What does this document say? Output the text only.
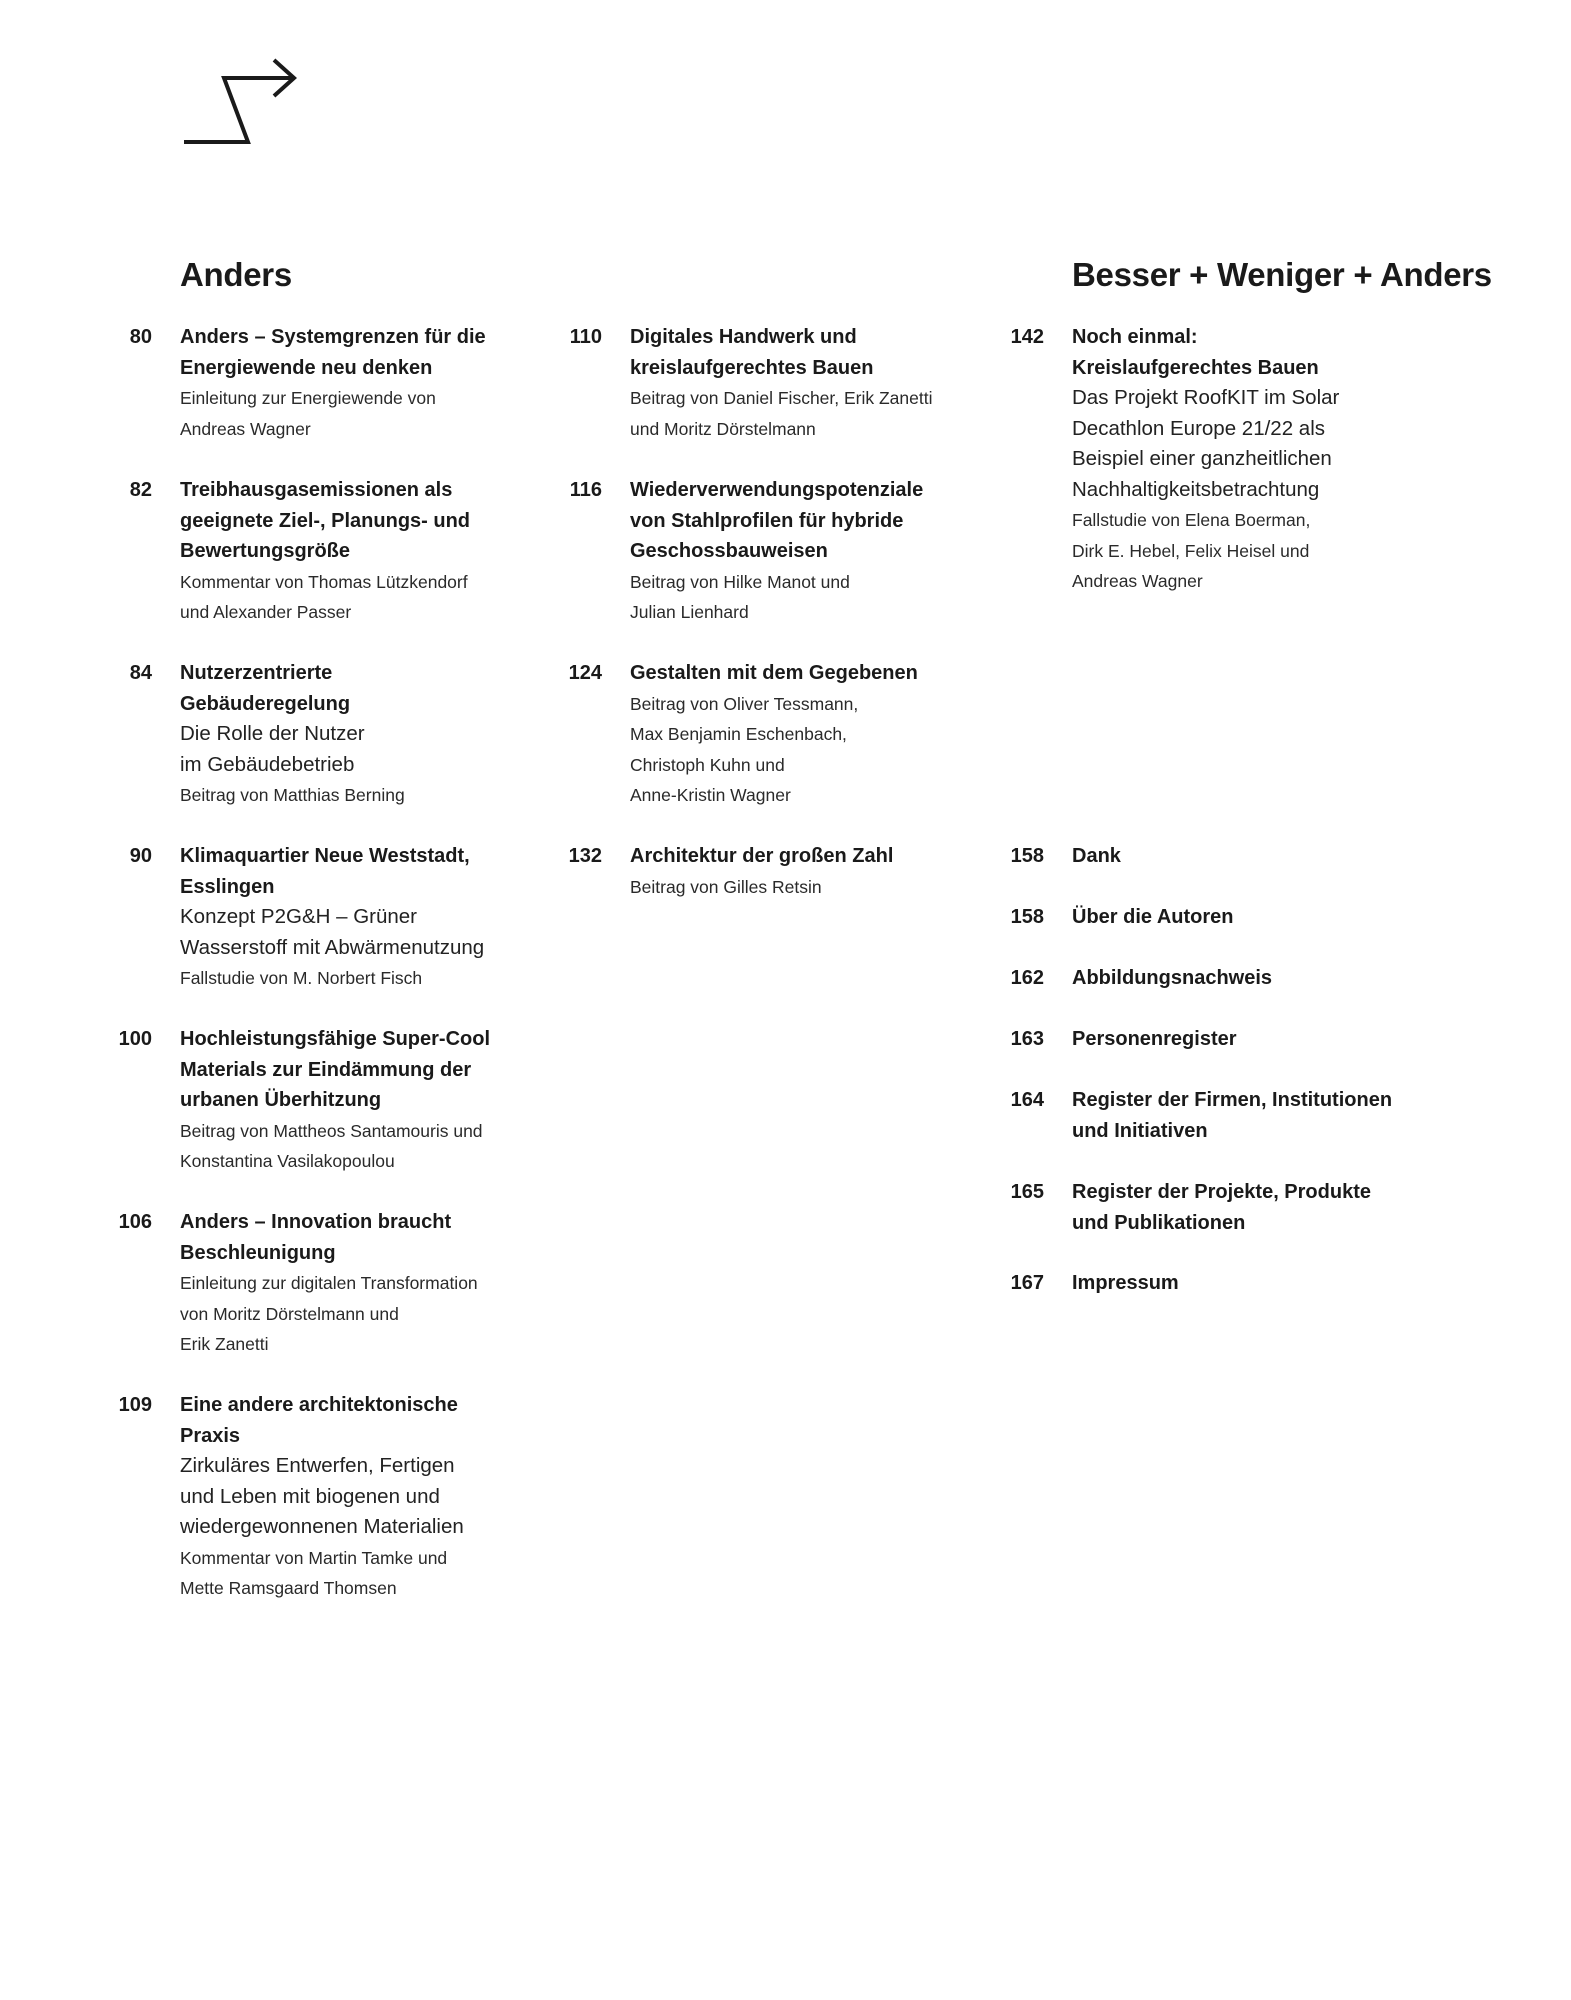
Anders	Besser + Weniger + Anders
80 Anders – Systemgrenzen für die
Energiewende neu denken
Einleitung zur Energiewende von
Andreas Wagner
82 Treibhausgasemissionen als
geeignete Ziel-, Planungs- und
Bewertungsgröße
Kommentar von Thomas Lützkendorf
und Alexander Passer
84 Nutzerzentrierte
Gebäuderegelung
Die Rolle der Nutzer
im Gebäudebetrieb
Beitrag von Matthias Berning
90 Klimaquartier Neue Weststadt,
Esslingen
Konzept P2G&H – Grüner
Wasserstoff mit Abwärmenutzung
Fallstudie von M. Norbert Fisch
100 Hochleistungsfähige Super-Cool
Materials zur Eindämmung der
urbanen Überhitzung
Beitrag von Mattheos Santamouris und
Konstantina Vasilakopoulou
106 Anders – Innovation braucht
Beschleunigung
Einleitung zur digitalen Transformation
von Moritz Dörstelmann und
Erik Zanetti
109 Eine andere architektonische
Praxis
Zirkuläres Entwerfen, Fertigen
und Leben mit biogenen und
wiedergewonnenen Materialien
Kommentar von Martin Tamke und
Mette Ramsgaard Thomsen
110 Digitales Handwerk und
kreislaufgerechtes Bauen
Beitrag von Daniel Fischer, Erik Zanetti
und Moritz Dörstelmann
116 Wiederverwendungspotenziale
von Stahlprofilen für hybride
Geschossbauweisen
Beitrag von Hilke Manot und
Julian Lienhard
124 Gestalten mit dem Gegebenen
Beitrag von Oliver Tessmann,
Max Benjamin Eschenbach,
Christoph Kuhn und
Anne-Kristin Wagner
132 Architektur der großen Zahl
Beitrag von Gilles Retsin
142 Noch einmal:
Kreislaufgerechtes Bauen
Das Projekt RoofKIT im Solar
Decathlon Europe 21/22 als
Beispiel einer ganzheitlichen
Nachhaltigkeitsbetrachtung
Fallstudie von Elena Boerman,
Dirk E. Hebel, Felix Heisel und
Andreas Wagner
158 Dank
158 Über die Autoren
162 Abbildungsnachweis
163 Personenregister
164 Register der Firmen, Institutionen
und Initiativen
165 Register der Projekte, Produkte
und Publikationen
167 Impressum
